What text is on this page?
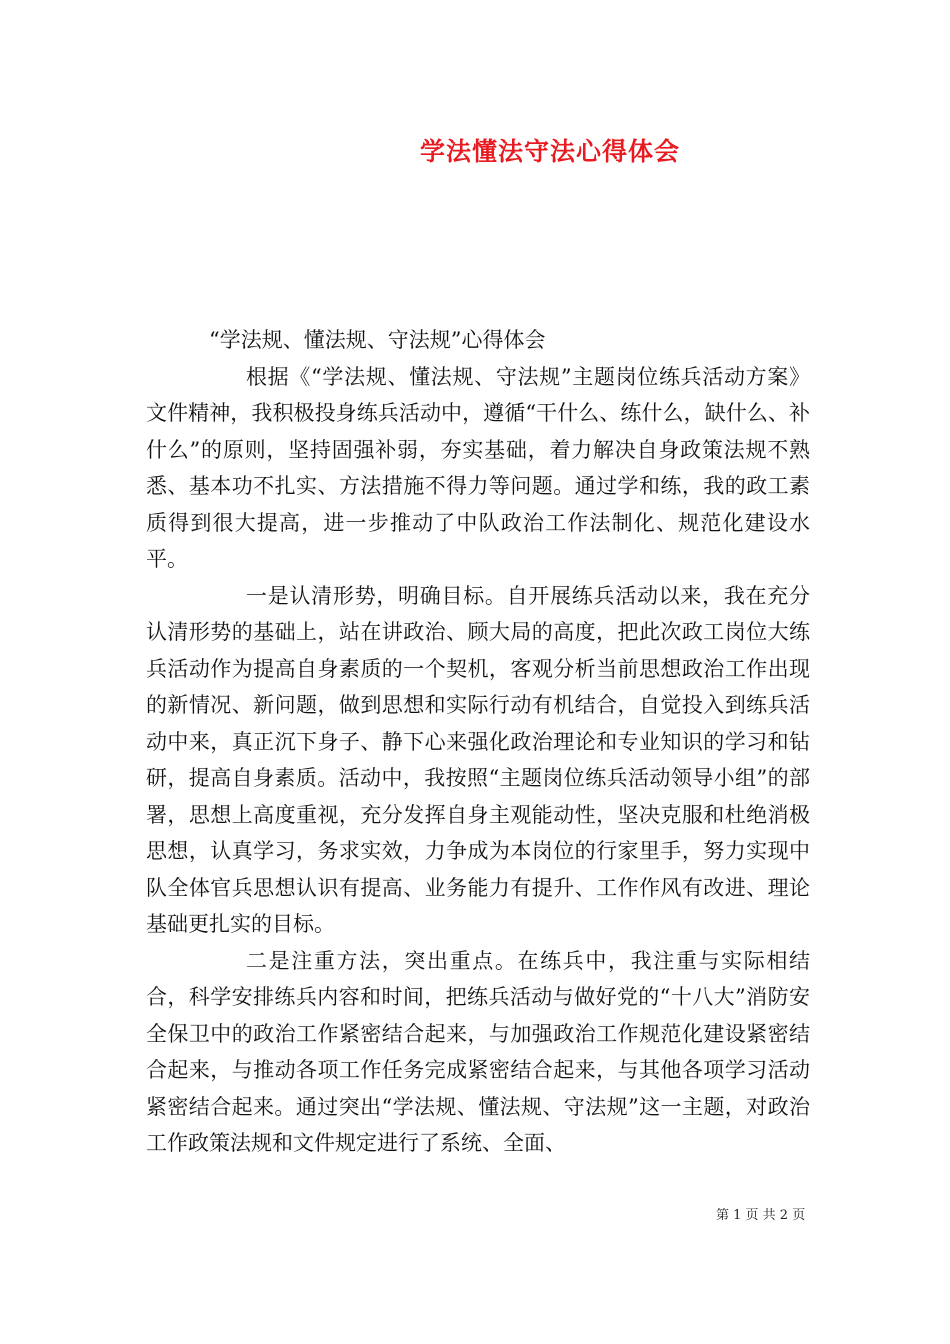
学法懂法守法心得体会

“学法规、懂法规、守法规”心得体会

根据《“学法规、懂法规、守法规”主题岗位练兵活动方案》文件精神，我积极投身练兵活动中，遵循“干什么、练什么，缺什么、补什么”的原则，坚持固强补弱，夯实基础，着力解决自身政策法规不熟悉、基本功不扎实、方法措施不得力等问题。通过学和练，我的政工素质得到很大提高，进一步推动了中队政治工作法制化、规范化建设水平。

一是认清形势，明确目标。自开展练兵活动以来，我在充分认清形势的基础上，站在讲政治、顾大局的高度，把此次政工岗位大练兵活动作为提高自身素质的一个契机，客观分析当前思想政治工作出现的新情况、新问题，做到思想和实际行动有机结合，自觉投入到练兵活动中来，真正沉下身子、静下心来强化政治理论和专业知识的学习和钻研，提高自身素质。活动中，我按照“主题岗位练兵活动领导小组”的部署，思想上高度重视，充分发挥自身主观能动性，坚决克服和杜绝消极思想，认真学习，务求实效，力争成为本岗位的行家里手，努力实现中队全体官兵思想认识有提高、业务能力有提升、工作作风有改进、理论基础更扎实的目标。

二是注重方法，突出重点。在练兵中，我注重与实际相结合，科学安排练兵内容和时间，把练兵活动与做好党的“十八大”消防安全保卫中的政治工作紧密结合起来，与加强政治工作规范化建设紧密结合起来，与推动各项工作任务完成紧密结合起来，与其他各项学习活动紧密结合起来。通过突出“学法规、懂法规、守法规”这一主题，对政治工作政策法规和文件规定进行了系统、全面、

第 1 页 共 2 页
